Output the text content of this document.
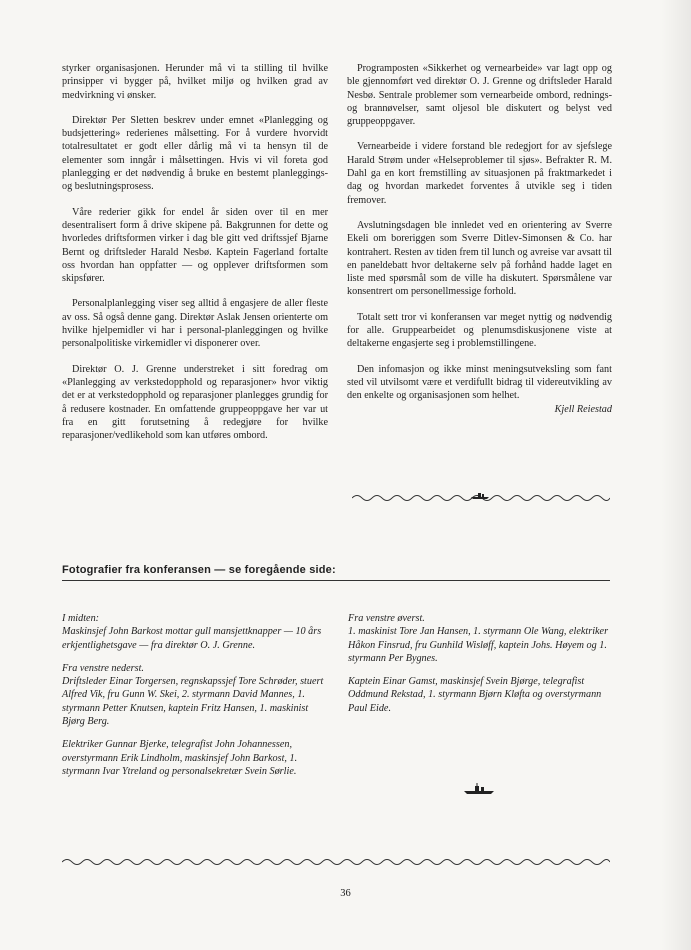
styrker organisasjonen. Herunder må vi ta stilling til hvilke prinsipper vi bygger på, hvilket miljø og hvilken grad av medvirkning vi ønsker.

Direktør Per Sletten beskrev under emnet «Planlegging og budsjettering» rederienes målsetting. For å vurdere hvorvidt totalresultatet er godt eller dårlig må vi ta hensyn til de elementer som inngår i målsettingen. Hvis vi vil foreta god planlegging er det nødvendig å bruke en bestemt planleggings- og beslutningsprosess.

Våre rederier gikk for endel år siden over til en mer desentralisert form å drive skipene på. Bakgrunnen for dette og hvorledes driftsformen virker i dag ble gitt ved driftssjef Bjarne Bernt og driftsleder Harald Nesbø. Kaptein Fagerland fortalte oss hvordan han oppfatter — og opplever driftsformen som skipsfører.

Personalplanlegging viser seg alltid å engasjere de aller fleste av oss. Så også denne gang. Direktør Aslak Jensen orienterte om hvilke hjelpemidler vi har i personal-planleggingen og hvilke personalpolitiske virkemidler vi disponerer over.

Direktør O. J. Grenne understreket i sitt foredrag om «Planlegging av verkstedopphold og reparasjoner» hvor viktig det er at verkstedopphold og reparasjoner planlegges grundig for å redusere kostnader. En omfattende gruppeoppgave her var ut fra en gitt forutsetning å redegjøre for hvilke reparasjoner/vedlikehold som kan utføres ombord.

Programposten «Sikkerhet og vernearbeide» var lagt opp og ble gjennomført ved direktør O. J. Grenne og driftsleder Harald Nesbø. Sentrale problemer som vernearbeide ombord, rednings- og brannøvelser, samt oljesol ble diskutert og belyst ved gruppeoppgaver.

Vernearbeide i videre forstand ble redegjort for av sjefslege Harald Strøm under «Helseproblemer til sjøs». Befrakter R. M. Dahl ga en kort fremstilling av situasjonen på fraktmarkedet i dag og hvordan markedet forventes å utvikle seg i tiden fremover.

Avslutningsdagen ble innledet ved en orientering av Sverre Ekeli om boreriggen som Sverre Ditlev-Simonsen & Co. har kontrahert. Resten av tiden frem til lunch og avreise var avsatt til en paneldebatt hvor deltakerne selv på forhånd hadde laget en liste med spørsmål som de ville ha diskutert. Spørsmålene var konsentrert om personellmessige forhold.

Totalt sett tror vi konferansen var meget nyttig og nødvendig for alle. Gruppearbeidet og plenumsdiskusjonene viste at deltakerne engasjerte seg i problemstillingene.

Den infomasjon og ikke minst meningsutveksling som fant sted vil utvilsomt være et verdifullt bidrag til videreutvikling av den enkelte og organisasjonen som helhet.

Kjell Reiestad
Fotografier fra konferansen — se foregående side:

I midten:
Maskinsjef John Barkost mottar gull mansjettknapper — 10 års erkjentlighetsgave — fra direktør O. J. Grenne.

Fra venstre nederst.
Driftsleder Einar Torgersen, regnskapssjef Tore Schrøder, stuert Alfred Vik, fru Gunn W. Skei, 2. styrmann David Mannes, 1. styrmann Petter Knutsen, kaptein Fritz Hansen, 1. maskinist Bjørg Berg.

Elektriker Gunnar Bjerke, telegrafist John Johannessen, overstyrmann Erik Lindholm, maskinsjef John Barkost, 1. styrmann Ivar Ytreland og personalsekretær Svein Sørlie.

Fra venstre øverst.
1. maskinist Tore Jan Hansen, 1. styrmann Ole Wang, elektriker Håkon Finsrud, fru Gunhild Wisløff, kaptein Johs. Høyem og 1. styrmann Per Bygnes.

Kaptein Einar Gamst, maskinsjef Svein Bjørge, telegrafist Oddmund Rekstad, 1. styrmann Bjørn Kløfta og overstyrmann Paul Eide.

36
